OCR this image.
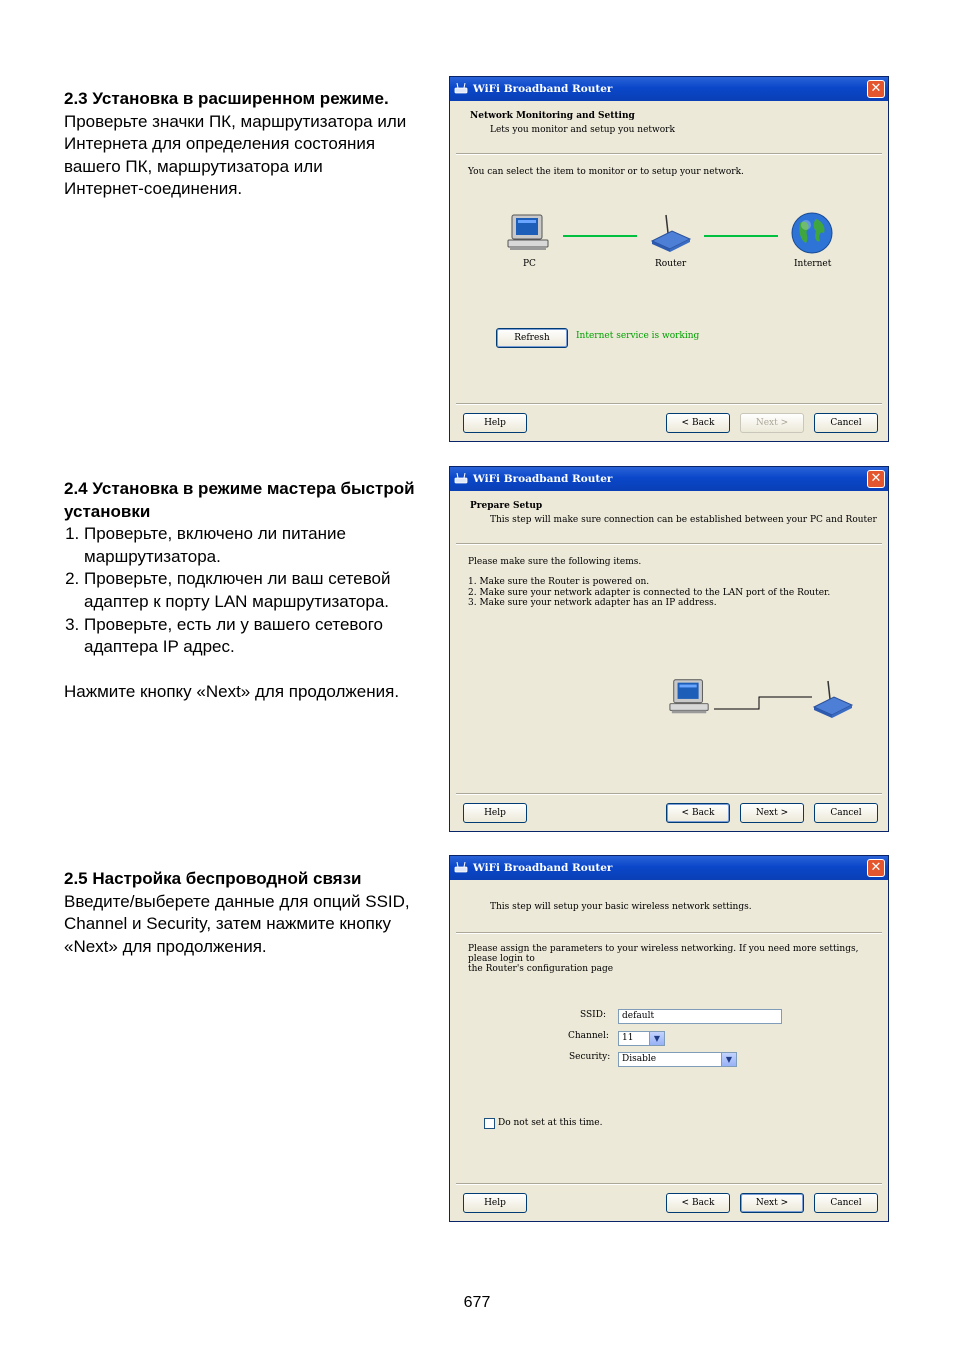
2.3 Установка в расширенном режиме.

Проверьте значки ПК, маршрутизатора или

Интернета для определения состояния

вашего ПК, маршрутизатора или

Интернет-соединения.

2.4 Установка в режиме мастера быстрой

установки

1. Проверьте, включено ли питание маршрутизатора.
2. Проверьте, подключен ли ваш сетевой адаптер к порту LAN маршрутизатора.
3. Проверьте, есть ли у вашего сетевого адаптера IP адрес.

Нажмите кнопку «Next» для продолжения.

2.5 Настройка беспроводной связи

Введите/выберете данные для опций SSID,

Channel и Security, затем нажмите кнопку

«Next» для продолжения.

WiFi Broadband Router	✕
Network Monitoring and Setting
Lets you monitor and setup you network
You can select the item to monitor or to setup your network.
PC	Router	Internet
Refresh	Internet service is working
Help	< Back	Next >	Cancel
WiFi Broadband Router	✕
Prepare Setup
This step will make sure connection can be established between your PC and Router
Please make sure the following items.
1. Make sure the Router is powered on.
2. Make sure your network adapter is connected to the LAN port of the Router.
3. Make sure your network adapter has an IP address.
Help	< Back	Next >	Cancel
WiFi Broadband Router	✕
This step will setup your basic wireless network settings.
Please assign the parameters to your wireless networking. If you need more settings, please login to
the Router's configuration page
SSID:	default
Channel:	11	▼
Security:	Disable	▼
Do not set at this time.
Help	< Back	Next >	Cancel
677
